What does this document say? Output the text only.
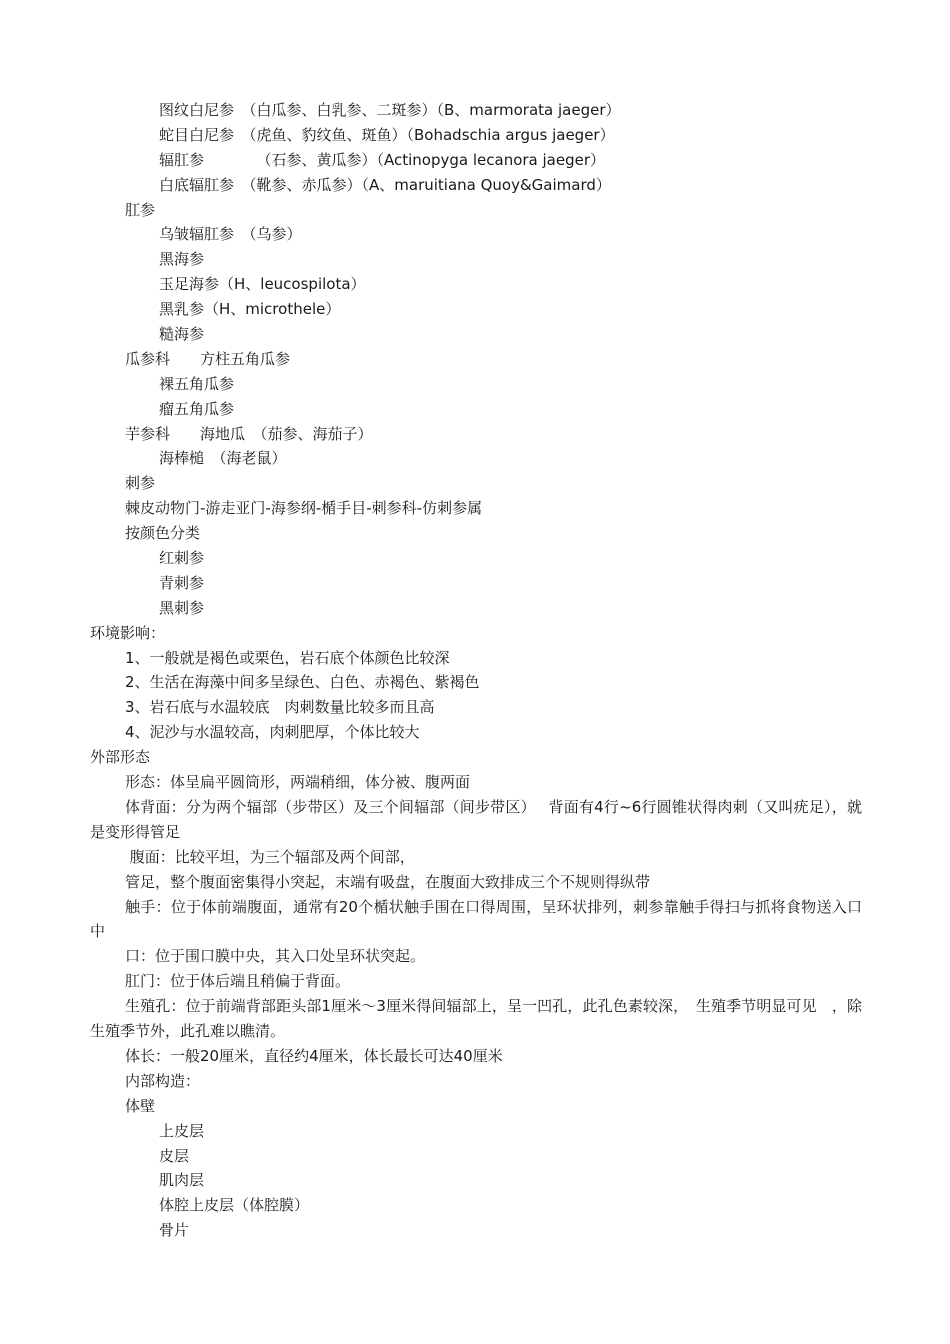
图纹白尼参　（白瓜参、白乳参、二斑参）（B、marmorata jaeger）
蛇目白尼参　（虎鱼、豹纹鱼、斑鱼）（Bohadschia argus jaeger）
辐肛参　　　　（石参、黄瓜参）（Actinopyga lecanora jaeger）
白底辐肛参　（靴参、赤瓜参）（A、maruitiana Quoy&Gaimard）
肛参
乌皱辐肛参　（乌参）
黑海参
玉足海参（H、leucospilota）
黑乳参（H、microthele）
糙海参
瓜参科　　方柱五角瓜参
裸五角瓜参
瘤五角瓜参
芋参科　　海地瓜　（茄参、海茄子）
海棒槌　（海老鼠）
刺参
棘皮动物门-游走亚门-海参纲-楯手目-刺参科-仿刺参属
按颜色分类
红刺参
青刺参
黑刺参
环境影响：
1、一般就是褐色或栗色，岩石底个体颜色比较深
2、生活在海藻中间多呈绿色、白色、赤褐色、紫褐色
3、岩石底与水温较底　肉刺数量比较多而且高
4、泥沙与水温较高，肉刺肥厚，个体比较大
外部形态
形态：体呈扁平圆筒形，两端稍细，体分被、腹两面
体背面：分为两个辐部（步带区）及三个间辐部（间步带区）　 背面有4行~6行圆锥状得肉刺（又叫疣足），就是变形得管足
腹面：比较平坦，为三个辐部及两个间部，
管足，整个腹面密集得小突起，末端有吸盘，在腹面大致排成三个不规则得纵带
触手：位于体前端腹面，通常有20个楯状触手围在口得周围，呈环状排列，刺参靠触手得扫与抓将食物送入口中
口：位于围口膜中央，其入口处呈环状突起。
肛门：位于体后端且稍偏于背面。
生殖孔：位于前端背部距头部1厘米～3厘米得间辐部上，呈一凹孔，此孔色素较深，　生殖季节明显可见　，除生殖季节外，此孔难以瞧清。
体长：一般20厘米，直径约4厘米，体长最长可达40厘米
内部构造：
体壁
上皮层
皮层
肌肉层
体腔上皮层（体腔膜）
骨片
